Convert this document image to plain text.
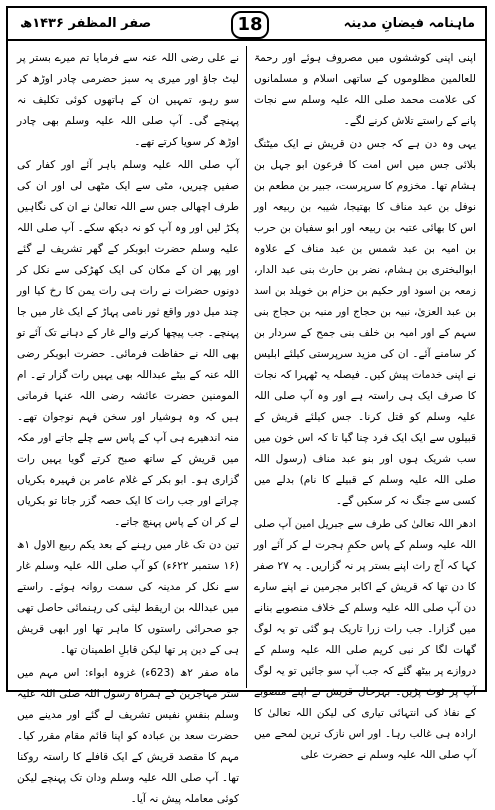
ماہنامہ فیضانِ مدینہ
18
صفر المظفر ۱۴۳۶ھ

اپنی اپنی کوششوں میں مصروف ہوئے اور رحمۃ للعالمین مظلوموں کے ساتھی اسلام و مسلمانوں کی علامت محمد صلی اللہ علیہ وسلم سے نجات پانے کے راستے تلاش کرنے لگے۔

یہی وہ دن ہے کہ جس دن قریش نے ایک میٹنگ بلائی جس میں اس امت کا فرعون ابو جہل بن ہشام تھا۔ مخزوم کا سرپرست، جبیر بن مطعم بن نوفل بن عبد مناف کا بھتیجا، شیبہ بن ربیعہ اور اس کا بھائی عتبہ بن ربیعہ اور ابو سفیان بن حرب بن امیہ بن عبد شمس بن عبد مناف کے علاوہ ابوالبختری بن ہشام، نضر بن حارث بنی عبد الدار، زمعہ بن اسود اور حکیم بن حزام بن خویلد بن اسد بن عبد العزیٰ، نبیہ بن حجاج اور منبہ بن حجاج بنی سہم کے اور امیہ بن خلف بنی جمح کے سردار بن کر سامنے آئے۔ ان کی مزید سرپرستی کیلئے ابلیس نے اپنی خدمات پیش کیں۔ فیصلہ یہ ٹھہرا کہ نجات کا صرف ایک ہی راستہ ہے اور وہ آپ صلی اللہ علیہ وسلم کو قتل کرنا۔ جس کیلئے قریش کے قبیلوں سے ایک ایک فرد چنا گیا تا کہ اس خون میں سب شریک ہوں اور بنو عبد مناف (رسول اللہ صلی اللہ علیہ وسلم کے قبیلے کا نام) بدلے میں کسی سے جنگ نہ کر سکیں گے۔

ادھر اللہ تعالیٰ کی طرف سے جبریل امین آپ صلی اللہ علیہ وسلم کے پاس حکمِ ہجرت لے کر آئے اور کہا کہ آج رات اپنے بستر پر نہ گزاریں۔ یہ ۲۷ صفر کا دن تھا کہ قریش کے اکابر مجرمین نے اپنے سارے دن آپ صلی اللہ علیہ وسلم کے خلاف منصوبے بنانے میں گزارا۔ جب رات زرا تاریک ہو گئی تو یہ لوگ گھات لگا کر نبی کریم صلی اللہ علیہ وسلم کے دروازے پر بیٹھ گئے کہ جب آپ سو جائیں تو یہ لوگ آپ پر ٹوٹ پڑیں۔ بہرحال قریش نے اپنے منصوبے کے نفاذ کی انتہائی تیاری کی لیکن اللہ تعالیٰ کا ارادہ ہی غالب رہا۔ اور اس نازک ترین لمحے میں آپ صلی اللہ علیہ وسلم نے حضرت علی

نے علی رضی اللہ عنہ سے فرمایا تم میرے بستر پر لیٹ جاؤ اور میری یہ سبز حضرمی چادر اوڑھ کر سو رہو، تمہیں ان کے ہاتھوں کوئی تکلیف نہ پہنچے گی۔ آپ صلی اللہ علیہ وسلم بھی چادر اوڑھ کر سویا کرتے تھے۔

آپ صلی اللہ علیہ وسلم باہر آئے اور کفار کی صفیں چیریں، مٹی سے ایک مٹھی لی اور ان کی طرف اچھالی جس سے اللہ تعالیٰ نے ان کی نگاہیں پکڑ لیں اور وہ آپ کو نہ دیکھ سکے۔ آپ صلی اللہ علیہ وسلم حضرت ابوبکر کے گھر تشریف لے گئے اور پھر ان کے مکان کی ایک کھڑکی سے نکل کر دونوں حضرات نے رات ہی رات یمن کا رخ کیا اور چند میل دور واقع ثور نامی پہاڑ کے ایک غار میں جا پہنچے۔ جب پیچھا کرنے والے غار کے دہانے تک آئے تو بھی اللہ نے حفاظت فرمائی۔ حضرت ابوبکر رضی اللہ عنہ کے بیٹے عبداللہ بھی یہیں رات گزار تے۔ ام المومنین حضرت عائشہ رضی اللہ عنہا فرماتی ہیں کہ وہ ہوشیار اور سخن فہم نوجوان تھے۔ منہ اندھیرے ہی آپ کے پاس سے چلے جاتے اور مکہ میں قریش کے ساتھ صبح کرتے گویا یہیں رات گزاری ہو۔ ابو بکر کے غلام عامر بن فہیرہ بکریاں چراتے اور جب رات کا ایک حصہ گزر جاتا تو بکریاں لے کر ان کے پاس پہنچ جاتے۔

تین دن تک غار میں رہنے کے بعد یکم ربیع الاول ۱ھ (۱۶ ستمبر ۶۲۲ء) کو آپ صلی اللہ علیہ وسلم غار سے نکل کر مدینہ کی سمت روانہ ہوئے۔ راستے میں عبداللہ بن اریقط لیثی کی رہنمائی حاصل تھی جو صحرائی راستوں کا ماہر تھا اور ابھی قریش ہی کے دین پر تھا لیکن قابلِ اطمینان تھا۔

ماہ صفر ۲ھ (623ء) غزوہ ابواء: اس مہم میں ستر مہاجرین کے ہمراہ رسول اللہ صلی اللہ علیہ وسلم بنفسِ نفیس تشریف لے گئے اور مدینے میں حضرت سعد بن عبادہ کو اپنا قائم مقام مقرر کیا۔ مہم کا مقصد قریش کے ایک قافلے کا راستہ روکنا تھا۔ آپ صلی اللہ علیہ وسلم ودان تک پہنچے لیکن کوئی معاملہ پیش نہ آیا۔
